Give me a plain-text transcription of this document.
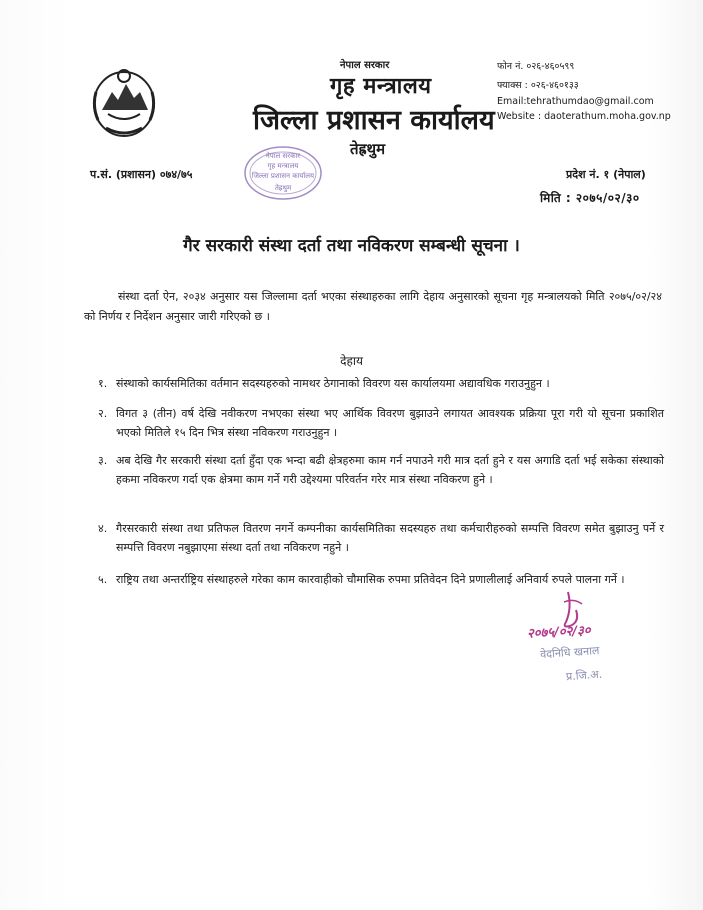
नेपाल सरकार
गृह मन्त्रालय
जिल्ला प्रशासन कार्यालय
तेह्रथुम
फोन नं. ०२६-४६०५९९
फ्याक्स : ०२६-४६०१३३
Email:tehrathumdao@gmail.com
Website : daoterathum.moha.gov.np
प.सं. (प्रशासन) ०७४/७५
नेपाल सरकार
गृह मन्त्रालय
जिल्ला प्रशासन कार्यालय
तेह्रथुम
प्रदेश नं. १ (नेपाल)
मिति : २०७५/०२/३०
गैर सरकारी संस्था दर्ता तथा नविकरण सम्बन्धी सूचना ।
संस्था दर्ता ऐन, २०३४ अनुसार यस जिल्लामा दर्ता भएका संस्थाहरुका लागि देहाय अनुसारको सूचना गृह मन्त्रालयको मिति २०७५/०२/२४ को निर्णय र निर्देशन अनुसार जारी गरिएको छ ।
देहाय
१. संस्थाको कार्यसमितिका वर्तमान सदस्यहरुको नामथर ठेगानाको विवरण यस कार्यालयमा अद्यावधिक गराउनुहुन ।
२. विगत ३ (तीन) वर्ष देखि नवीकरण नभएका संस्था भए आर्थिक विवरण बुझाउने लगायत आवश्यक प्रक्रिया पूरा गरी यो सूचना प्रकाशित भएको मितिले १५ दिन भित्र संस्था नविकरण गराउनुहुन ।
३. अब देखि गैर सरकारी संस्था दर्ता हुँदा एक भन्दा बढी क्षेत्रहरुमा काम गर्न नपाउने गरी मात्र दर्ता हुने र यस अगाडि दर्ता भई सकेका संस्थाको हकमा नविकरण गर्दा एक क्षेत्रमा काम गर्ने गरी उद्देश्यमा परिवर्तन गरेर मात्र संस्था नविकरण हुने ।
४. गैरसरकारी संस्था तथा प्रतिफल वितरण नगर्ने कम्पनीका कार्यसमितिका सदस्यहरु तथा कर्मचारीहरुको सम्पत्ति विवरण समेत बुझाउनु पर्ने र सम्पत्ति विवरण नबुझाएमा संस्था दर्ता तथा नविकरण नहुने ।
५. राष्ट्रिय तथा अन्तर्राष्ट्रिय संस्थाहरुले गरेका काम कारवाहीको चौमासिक रुपमा प्रतिवेदन दिने प्रणालीलाई अनिवार्य रुपले पालना गर्ने ।
२०७५/०२/३०
वेदनिधि खनाल
प्र.जि.अ.
